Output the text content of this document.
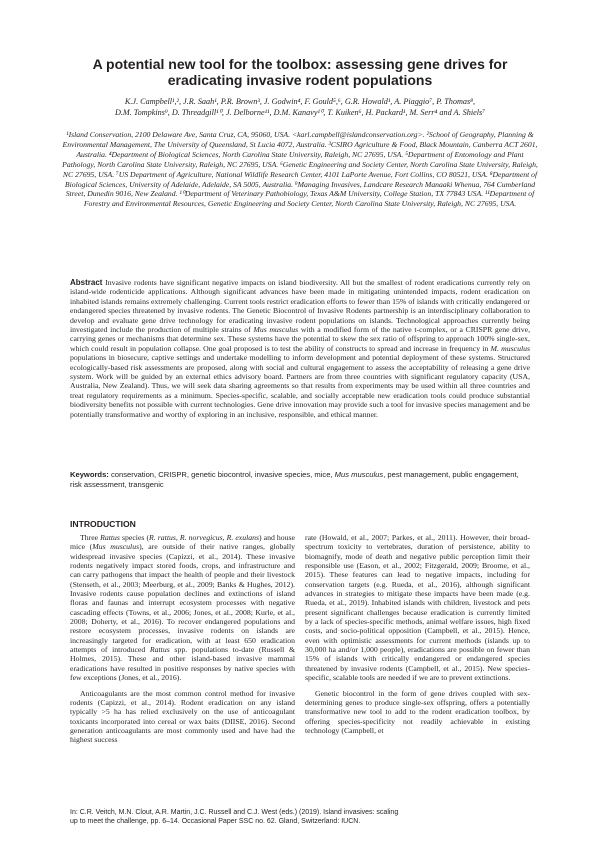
A potential new tool for the toolbox: assessing gene drives for
eradicating invasive rodent populations
K.J. Campbell¹,², J.R. Saah¹, P.R. Brown³, J. Godwin⁴, F. Gould⁵,⁶, G.R. Howald¹, A. Piaggio⁷, P. Thomas⁸,
D.M. Tompkins⁹, D. Threadgill¹⁰, J. Delborne¹¹, D.M. Kanavy¹⁰, T. Kuiken⁶, H. Packard¹, M. Serr⁴ and A. Shiels⁷
¹Island Conservation, 2100 Delaware Ave, Santa Cruz, CA, 95060, USA. <karl.campbell@islandconservation.org>. ²School of Geography, Planning & Environmental Management, The University of Queensland, St Lucia 4072, Australia. ³CSIRO Agriculture & Food, Black Mountain, Canberra ACT 2601, Australia. ⁴Department of Biological Sciences, North Carolina State University, Raleigh, NC 27695, USA. ⁵Department of Entomology and Plant Pathology, North Carolina State University, Raleigh, NC 27695, USA. ⁶Genetic Engineering and Society Center, North Carolina State University, Raleigh, NC 27695, USA. ⁷US Department of Agriculture, National Wildlife Research Center, 4101 LaPorte Avenue, Fort Collins, CO 80521, USA. ⁸Department of Biological Sciences, University of Adelaide, Adelaide, SA 5005, Australia. ⁹Managing Invasives, Landcare Research Manaaki Whenua, 764 Cumberland Street, Dunedin 9016, New Zealand. ¹⁰Department of Veterinary Pathobiology, Texas A&M University, College Station, TX 77843 USA. ¹¹Department of Forestry and Environmental Resources, Genetic Engineering and Society Center, North Carolina State University, Raleigh, NC 27695, USA.
Abstract Invasive rodents have significant negative impacts on island biodiversity. All but the smallest of rodent eradications currently rely on island-wide rodenticide applications. Although significant advances have been made in mitigating unintended impacts, rodent eradication on inhabited islands remains extremely challenging. Current tools restrict eradication efforts to fewer than 15% of islands with critically endangered or endangered species threatened by invasive rodents. The Genetic Biocontrol of Invasive Rodents partnership is an interdisciplinary collaboration to develop and evaluate gene drive technology for eradicating invasive rodent populations on islands. Technological approaches currently being investigated include the production of multiple strains of Mus musculus with a modified form of the native t-complex, or a CRISPR gene drive, carrying genes or mechanisms that determine sex. These systems have the potential to skew the sex ratio of offspring to approach 100% single-sex, which could result in population collapse. One goal proposed is to test the ability of constructs to spread and increase in frequency in M. musculus populations in biosecure, captive settings and undertake modelling to inform development and potential deployment of these systems. Structured ecologically-based risk assessments are proposed, along with social and cultural engagement to assess the acceptability of releasing a gene drive system. Work will be guided by an external ethics advisory board. Partners are from three countries with significant regulatory capacity (USA, Australia, New Zealand). Thus, we will seek data sharing agreements so that results from experiments may be used within all three countries and treat regulatory requirements as a minimum. Species-specific, scalable, and socially acceptable new eradication tools could produce substantial biodiversity benefits not possible with current technologies. Gene drive innovation may provide such a tool for invasive species management and be potentially transformative and worthy of exploring in an inclusive, responsible, and ethical manner.
Keywords: conservation, CRISPR, genetic biocontrol, invasive species, mice, Mus musculus, pest management, public engagement, risk assessment, transgenic
INTRODUCTION

Three Rattus species (R. rattus, R. norvegicus, R. exulans) and house mice (Mus musculus), are outside of their native ranges, globally widespread invasive species (Capizzi, et al., 2014). These invasive rodents negatively impact stored foods, crops, and infrastructure and can carry pathogens that impact the health of people and their livestock (Stenseth, et al., 2003; Meerburg, et al., 2009; Banks & Hughes, 2012). Invasive rodents cause population declines and extinctions of island floras and faunas and interrupt ecosystem processes with negative cascading effects (Towns, et al., 2006; Jones, et al., 2008; Kurle, et al., 2008; Doherty, et al., 2016). To recover endangered populations and restore ecosystem processes, invasive rodents on islands are increasingly targeted for eradication, with at least 650 eradication attempts of introduced Rattus spp. populations to-date (Russell & Holmes, 2015). These and other island-based invasive mammal eradications have resulted in positive responses by native species with few exceptions (Jones, et al., 2016).

Anticoagulants are the most common control method for invasive rodents (Capizzi, et al., 2014). Rodent eradication on any island typically >5 ha has relied exclusively on the use of anticoagulant toxicants incorporated into cereal or wax baits (DIISE, 2016). Second generation anticoagulants are most commonly used and have had the highest success

rate (Howald, et al., 2007; Parkes, et al., 2011). However, their broad-spectrum toxicity to vertebrates, duration of persistence, ability to biomagnify, mode of death and negative public perception limit their responsible use (Eason, et al., 2002; Fitzgerald, 2009; Broome, et al., 2015). These features can lead to negative impacts, including for conservation targets (e.g. Rueda, et al., 2016), although significant advances in strategies to mitigate these impacts have been made (e.g. Rueda, et al., 2019). Inhabited islands with children, livestock and pets present significant challenges because eradication is currently limited by a lack of species-specific methods, animal welfare issues, high fixed costs, and socio-political opposition (Campbell, et al., 2015). Hence, even with optimistic assessments for current methods (islands up to 30,000 ha and/or 1,000 people), eradications are possible on fewer than 15% of islands with critically endangered or endangered species threatened by invasive rodents (Campbell, et al., 2015). New species-specific, scalable tools are needed if we are to prevent extinctions.

Genetic biocontrol in the form of gene drives coupled with sex-determining genes to produce single-sex offspring, offers a potentially transformative new tool to add to the rodent eradication toolbox, by offering species-specificity not readily achievable in existing technology (Campbell, et

In: C.R. Veitch, M.N. Clout, A.R. Martin, J.C. Russell and C.J. West (eds.) (2019). Island invasives: scaling
up to meet the challenge, pp. 6–14. Occasional Paper SSC no. 62. Gland, Switzerland: IUCN.
